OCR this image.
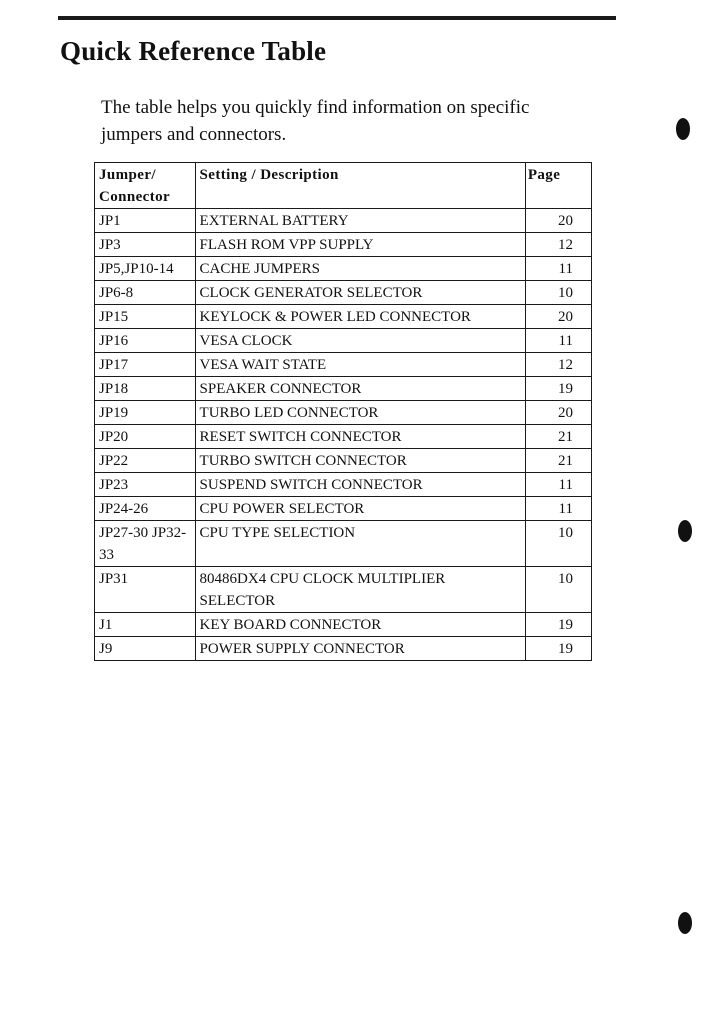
Quick Reference Table

The table helps you quickly find information on specific jumpers and connectors.

Jumper/ Connector	Setting / Description	Page
JP1	EXTERNAL BATTERY	20
JP3	FLASH ROM VPP SUPPLY	12
JP5,JP10-14	CACHE JUMPERS	11
JP6-8	CLOCK GENERATOR SELECTOR	10
JP15	KEYLOCK & POWER LED CONNECTOR	20
JP16	VESA CLOCK	11
JP17	VESA WAIT STATE	12
JP18	SPEAKER CONNECTOR	19
JP19	TURBO LED CONNECTOR	20
JP20	RESET SWITCH CONNECTOR	21
JP22	TURBO SWITCH CONNECTOR	21
JP23	SUSPEND SWITCH CONNECTOR	11
JP24-26	CPU POWER SELECTOR	11
JP27-30 JP32-33	CPU TYPE SELECTION	10
JP31	80486DX4 CPU CLOCK MULTIPLIER SELECTOR	10
J1	KEY BOARD CONNECTOR	19
J9	POWER SUPPLY CONNECTOR	19
